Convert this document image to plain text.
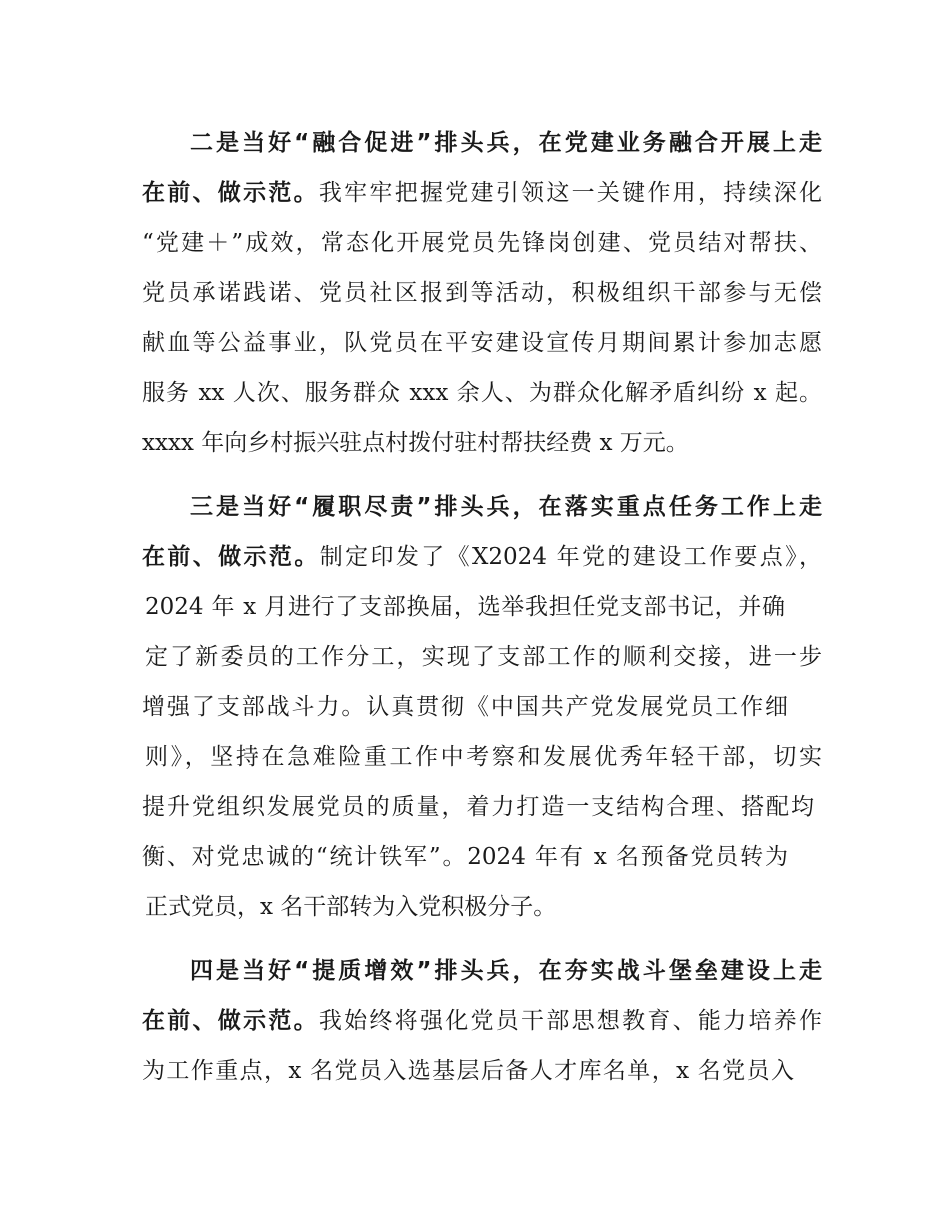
二是当好“融合促进”排头兵，在党建业务融合开展上走
在前、做示范。我牢牢把握党建引领这一关键作用，持续深化
“党建＋”成效，常态化开展党员先锋岗创建、党员结对帮扶、
党员承诺践诺、党员社区报到等活动，积极组织干部参与无偿
献血等公益事业，队党员在平安建设宣传月期间累计参加志愿
服务 xx 人次、服务群众 xxx 余人、为群众化解矛盾纠纷 x 起。
xxxx 年向乡村振兴驻点村拨付驻村帮扶经费 x 万元。
三是当好“履职尽责”排头兵，在落实重点任务工作上走
在前、做示范。制定印发了《X2024 年党的建设工作要点》，
2024 年 x 月进行了支部换届，选举我担任党支部书记，并确
定了新委员的工作分工，实现了支部工作的顺利交接，进一步
增强了支部战斗力。认真贯彻《中国共产党发展党员工作细
则》，坚持在急难险重工作中考察和发展优秀年轻干部，切实
提升党组织发展党员的质量，着力打造一支结构合理、搭配均
衡、对党忠诚的“统计铁军”。2024 年有 x 名预备党员转为
正式党员，x 名干部转为入党积极分子。
四是当好“提质增效”排头兵，在夯实战斗堡垒建设上走
在前、做示范。我始终将强化党员干部思想教育、能力培养作
为工作重点，x 名党员入选基层后备人才库名单，x 名党员入
